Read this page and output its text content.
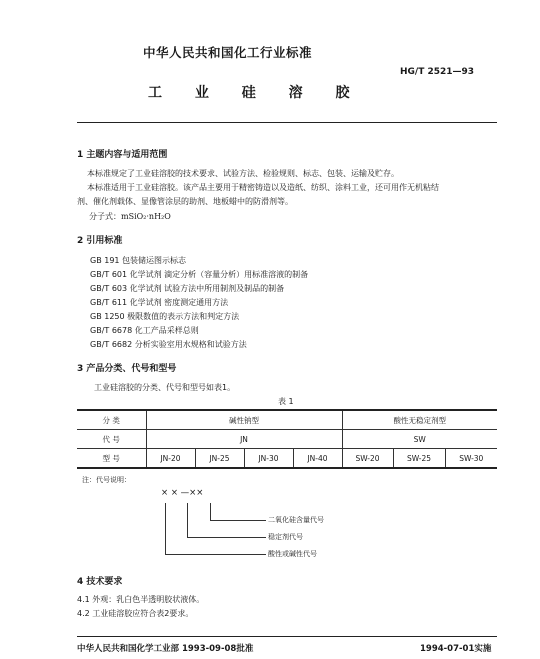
中华人民共和国化工行业标准
HG/T 2521—93
工 业 硅 溶 胶
1 主题内容与适用范围
本标准规定了工业硅溶胶的技术要求、试验方法、检验规则、标志、包装、运输及贮存。
本标准适用于工业硅溶胶。该产品主要用于精密铸造以及造纸、纺织、涂料工业，还可用作无机粘结
剂、催化剂载体、显像管涂层的助剂、地板蜡中的防滑剂等。
分子式：mSiO₂·nH₂O
2 引用标准
GB 191 包装储运图示标志
GB/T 601 化学试剂 滴定分析（容量分析）用标准溶液的制备
GB/T 603 化学试剂 试验方法中所用制剂及制品的制备
GB/T 611 化学试剂 密度测定通用方法
GB 1250 极限数值的表示方法和判定方法
GB/T 6678 化工产品采样总则
GB/T 6682 分析实验室用水规格和试验方法
3 产品分类、代号和型号
工业硅溶胶的分类、代号和型号如表1。
表 1
分 类	碱性钠型				酸性无稳定剂型		
代 号	JN				SW		
型 号	JN-20	JN-25	JN-30	JN-40	SW-20	SW-25	SW-30
注：代号说明：
× × —××
二氧化硅含量代号
稳定剂代号
酸性或碱性代号
4 技术要求
4.1 外观：乳白色半透明胶状液体。
4.2 工业硅溶胶应符合表2要求。
中华人民共和国化学工业部 1993-09-08批准	1994-07-01实施
